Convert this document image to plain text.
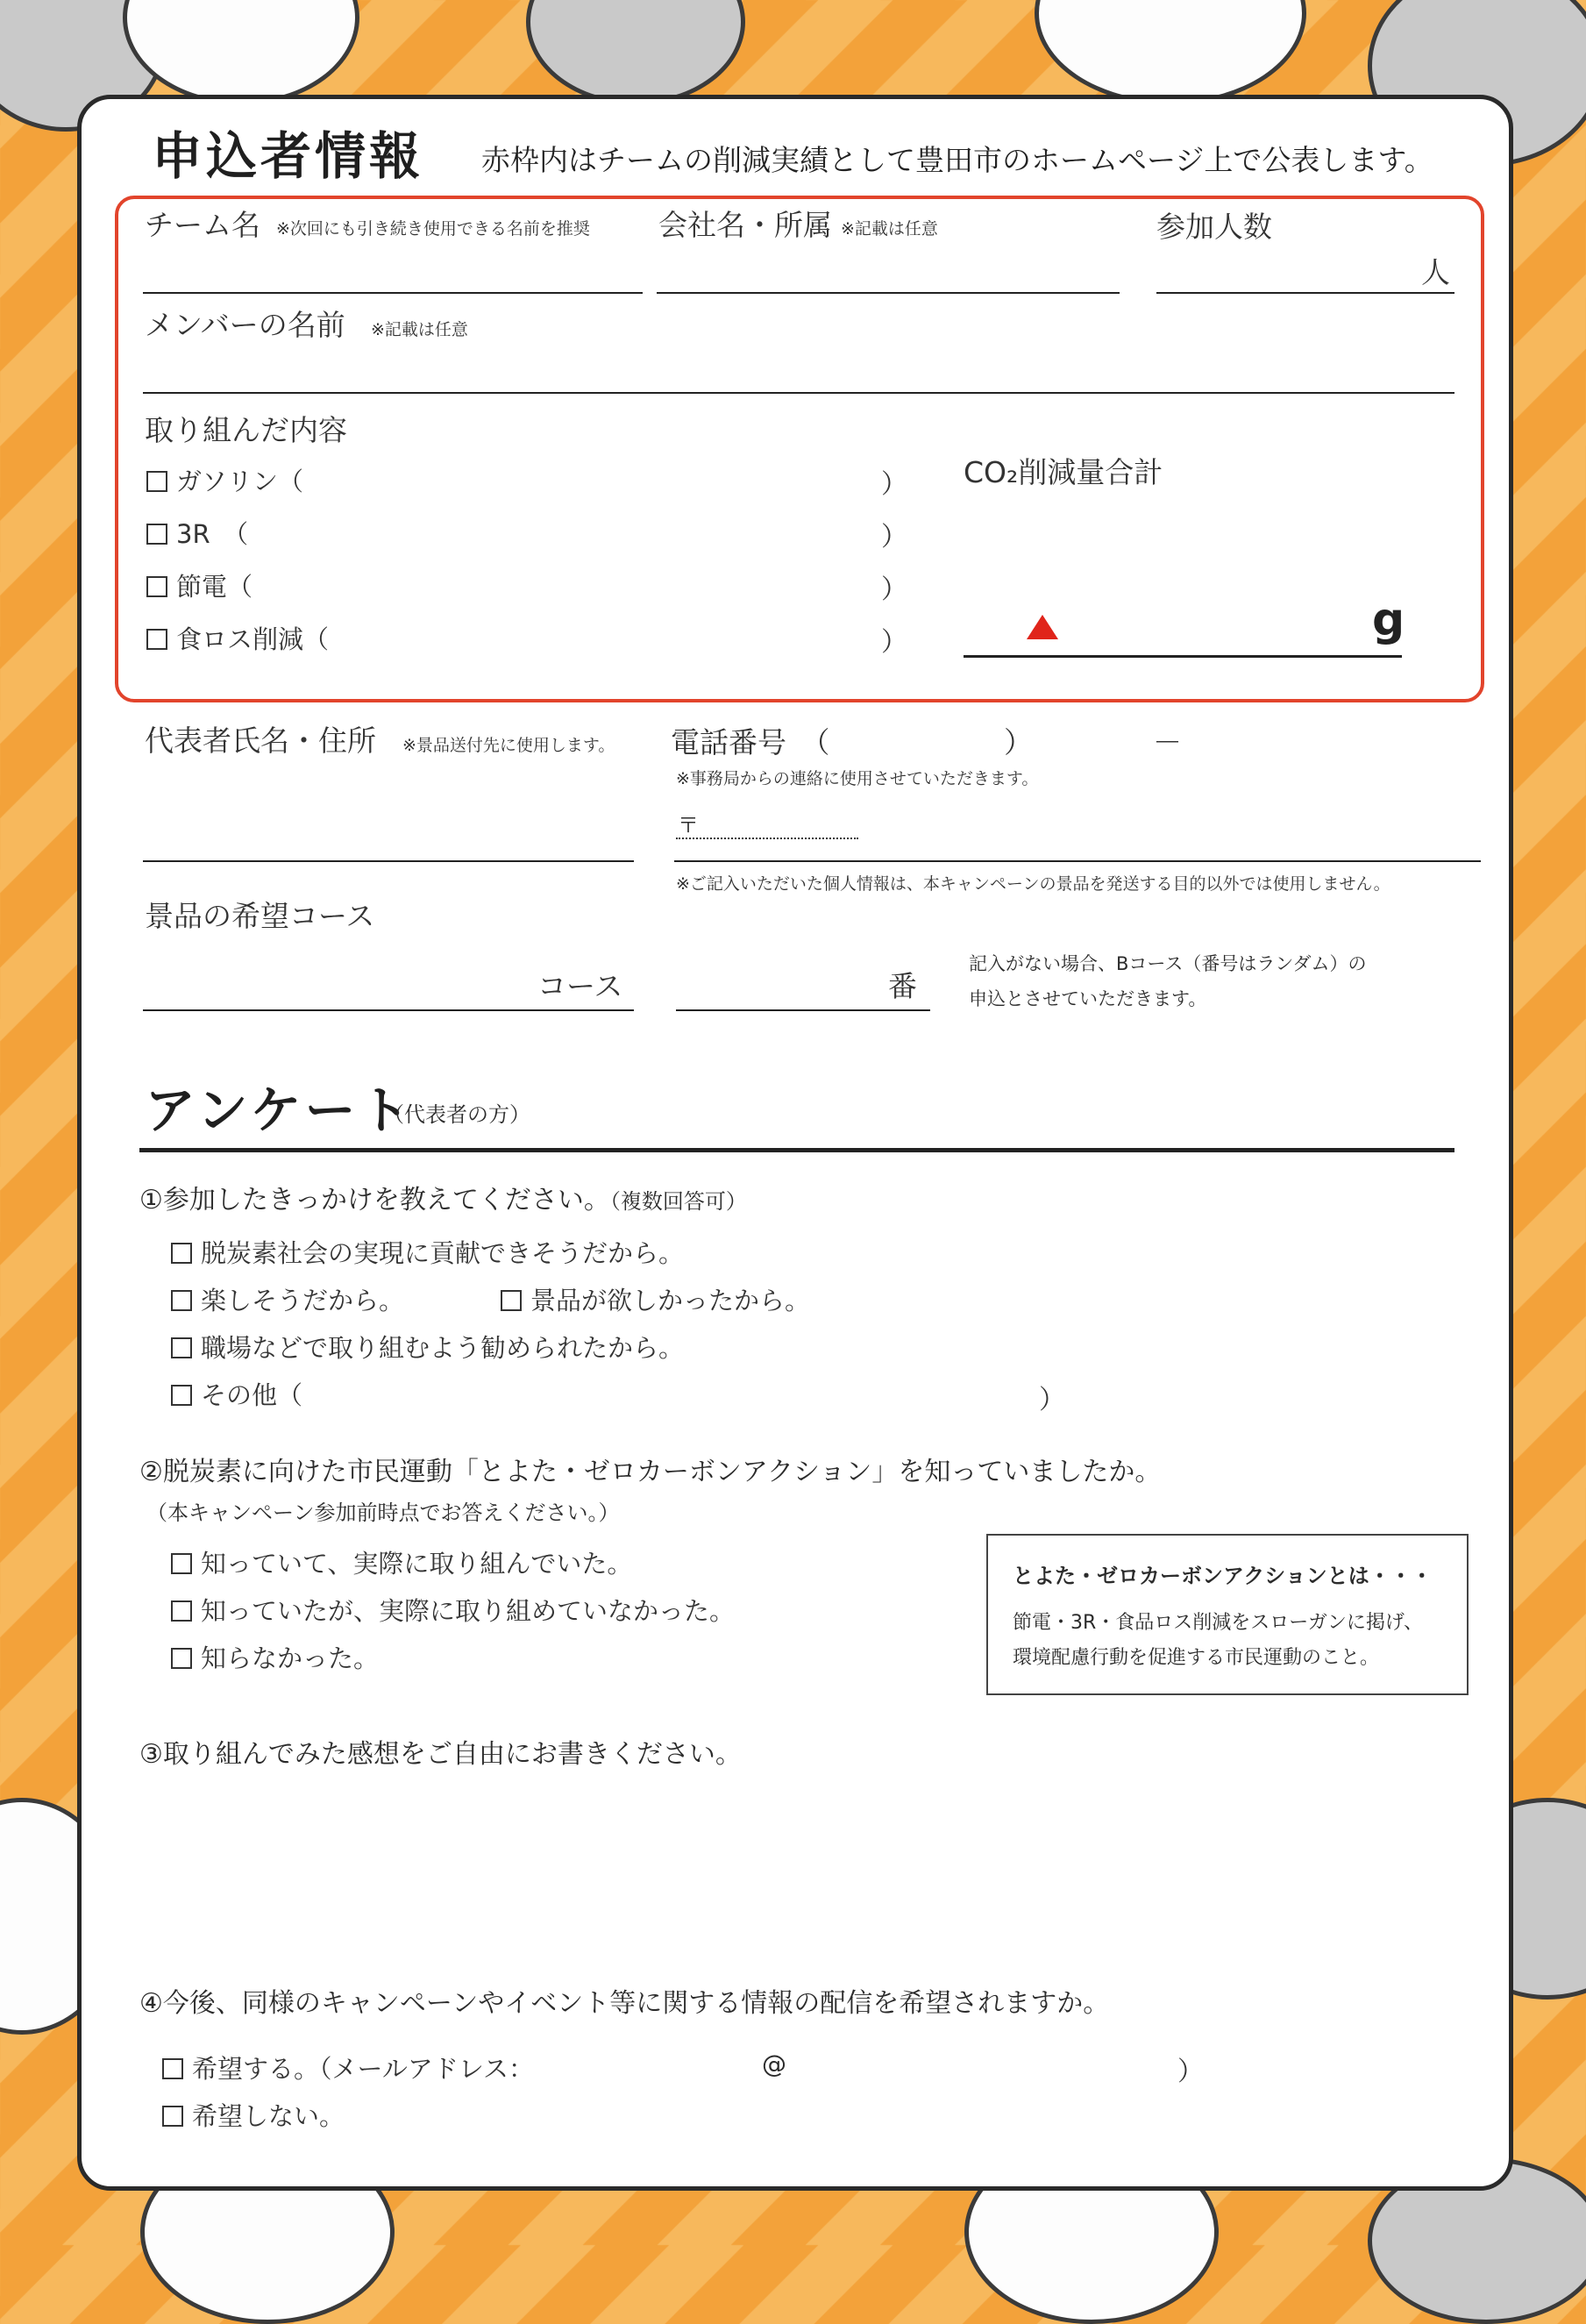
申込者情報 赤枠内はチームの削減実績として豊田市のホームページ上で公表します。
チーム名 ※次回にも引き続き使用できる名前を推奨 会社名・所属 ※記載は任意	参加人数
人
メンバーの名前 ※記載は任意
取り組んだ内容
ガソリン（	）
3R　（	）
節電（	）
食ロス削減（	）
CO₂削減量合計
g
代表者氏名・住所 ※景品送付先に使用します。 電話番号　（	）	－
※事務局からの連絡に使用させていただきます。
〒
※ご記入いただいた個人情報は、本キャンペーンの景品を発送する目的以外では使用しません。
景品の希望コース
コース	番
記入がない場合、Bコース（番号はランダム）の
申込とさせていただきます。
アンケート
（代表者の方）
①参加したきっかけを教えてください。（複数回答可）
脱炭素社会の実現に貢献できそうだから。
楽しそうだから。	景品が欲しかったから。
職場などで取り組むよう勧められたから。
その他（	）
②脱炭素に向けた市民運動「とよた・ゼロカーボンアクション」を知っていましたか。
（本キャンペーン参加前時点でお答えください。）
知っていて、実際に取り組んでいた。
知っていたが、実際に取り組めていなかった。
知らなかった。
とよた・ゼロカーボンアクションとは・・・
節電・3R・食品ロス削減をスローガンに掲げ、
環境配慮行動を促進する市民運動のこと。
③取り組んでみた感想をご自由にお書きください。
④今後、同様のキャンペーンやイベント等に関する情報の配信を希望されますか。
希望する。（メールアドレス：	@	）
希望しない。
